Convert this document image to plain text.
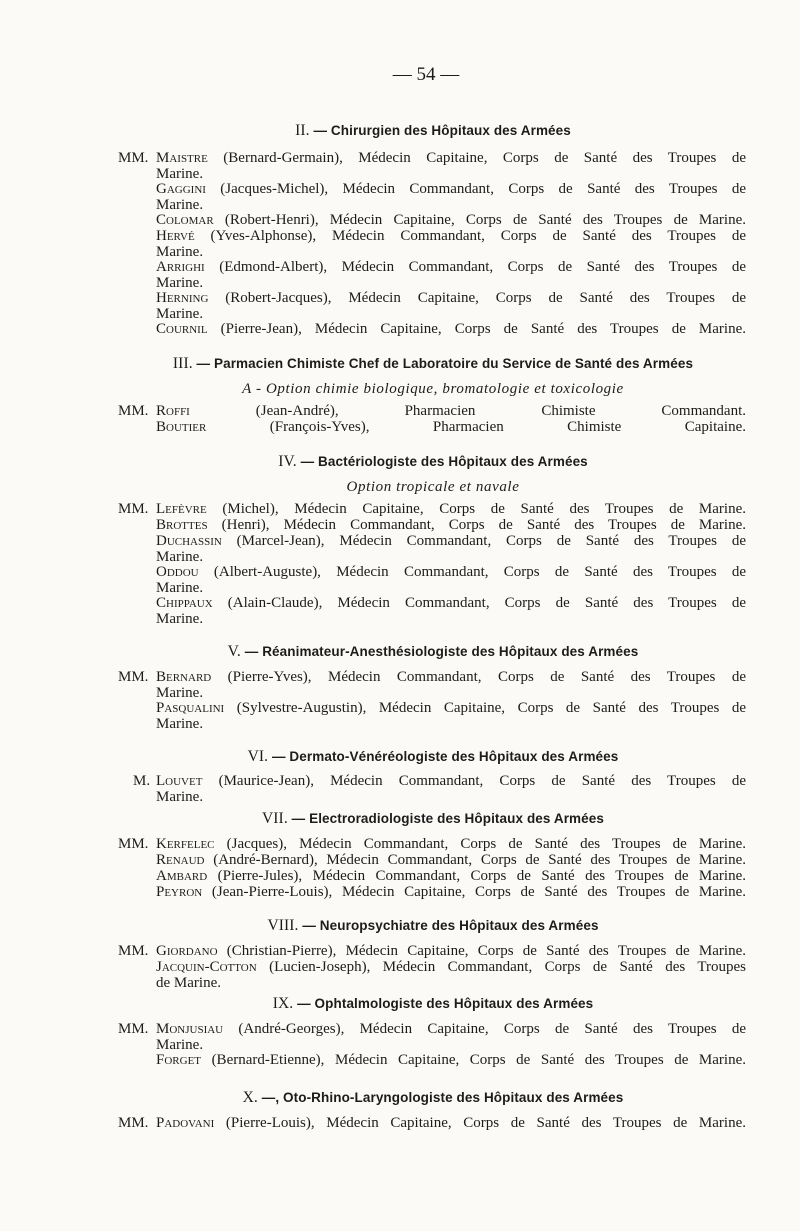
— 54 —
II. — Chirurgien des Hôpitaux des Armées
MM. Maistre (Bernard-Germain), Médecin Capitaine, Corps de Santé des Troupes de
Marine.
Gaggini (Jacques-Michel), Médecin Commandant, Corps de Santé des Troupes de
Marine.
Colomar (Robert-Henri), Médecin Capitaine, Corps de Santé des Troupes de Marine.
Hervé (Yves-Alphonse), Médecin Commandant, Corps de Santé des Troupes de
Marine.
Arrighi (Edmond-Albert), Médecin Commandant, Corps de Santé des Troupes de
Marine.
Herning (Robert-Jacques), Médecin Capitaine, Corps de Santé des Troupes de
Marine.
Cournil (Pierre-Jean), Médecin Capitaine, Corps de Santé des Troupes de Marine.
III. — Parmacien Chimiste Chef de Laboratoire du Service de Santé des Armées
A - Option chimie biologique, bromatologie et toxicologie
MM. Roffi (Jean-André), Pharmacien Chimiste Commandant.
Boutier (François-Yves), Pharmacien Chimiste Capitaine.
IV. — Bactériologiste des Hôpitaux des Armées
Option tropicale et navale
MM. Lefèvre (Michel), Médecin Capitaine, Corps de Santé des Troupes de Marine.
Brottes (Henri), Médecin Commandant, Corps de Santé des Troupes de Marine.
Duchassin (Marcel-Jean), Médecin Commandant, Corps de Santé des Troupes de
Marine.
Oddou (Albert-Auguste), Médecin Commandant, Corps de Santé des Troupes de
Marine.
Chippaux (Alain-Claude), Médecin Commandant, Corps de Santé des Troupes de
Marine.
V. — Réanimateur-Anesthésiologiste des Hôpitaux des Armées
MM. Bernard (Pierre-Yves), Médecin Commandant, Corps de Santé des Troupes de
Marine.
Pasqualini (Sylvestre-Augustin), Médecin Capitaine, Corps de Santé des Troupes de
Marine.
VI. — Dermato-Vénéréologiste des Hôpitaux des Armées
M. Louvet (Maurice-Jean), Médecin Commandant, Corps de Santé des Troupes de
Marine.
VII. — Electroradiologiste des Hôpitaux des Armées
MM. Kerfelec (Jacques), Médecin Commandant, Corps de Santé des Troupes de Marine.
Renaud (André-Bernard), Médecin Commandant, Corps de Santé des Troupes de Marine.
Ambard (Pierre-Jules), Médecin Commandant, Corps de Santé des Troupes de Marine.
Peyron (Jean-Pierre-Louis), Médecin Capitaine, Corps de Santé des Troupes de Marine.
VIII. — Neuropsychiatre des Hôpitaux des Armées
MM. Giordano (Christian-Pierre), Médecin Capitaine, Corps de Santé des Troupes de Marine.
Jacquin-Cotton (Lucien-Joseph), Médecin Commandant, Corps de Santé des Troupes
de Marine.
IX. — Ophtalmologiste des Hôpitaux des Armées
MM. Monjusiau (André-Georges), Médecin Capitaine, Corps de Santé des Troupes de
Marine.
Forget (Bernard-Etienne), Médecin Capitaine, Corps de Santé des Troupes de Marine.
X. —, Oto-Rhino-Laryngologiste des Hôpitaux des Armées
MM. Padovani (Pierre-Louis), Médecin Capitaine, Corps de Santé des Troupes de Marine.
